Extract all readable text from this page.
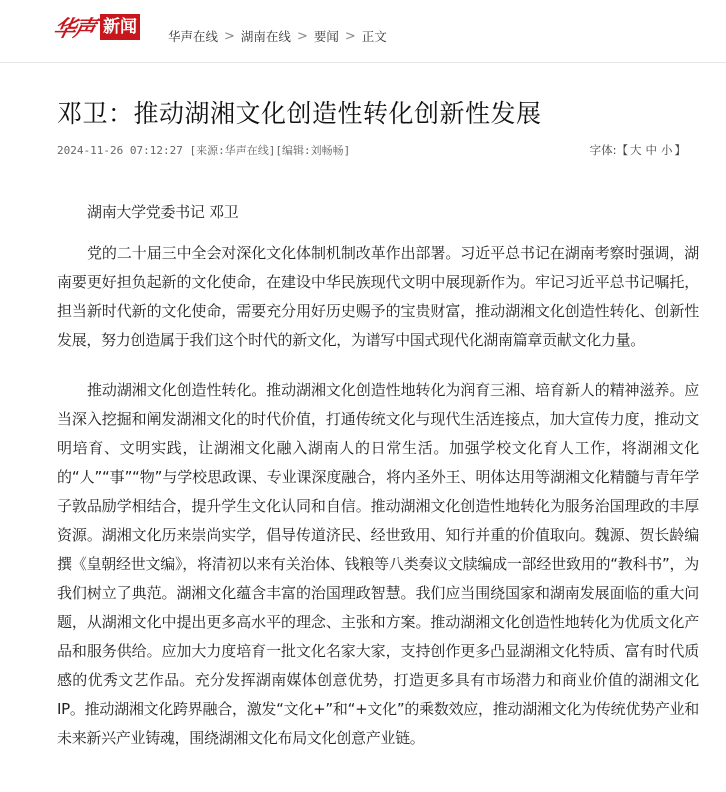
华声 新闻 华声在线 > 湖南在线 > 要闻 > 正文
邓卫：推动湖湘文化创造性转化创新性发展
2024-11-26 07:12:27 [来源:华声在线][编辑:刘畅畅]	字体:【 大 中 小 】

湖南大学党委书记 邓卫

党的二十届三中全会对深化文化体制机制改革作出部署。习近平总书记在湖南考察时强调，湖南要更好担负起新的文化使命，在建设中华民族现代文明中展现新作为。牢记习近平总书记嘱托，担当新时代新的文化使命，需要充分用好历史赐予的宝贵财富，推动湖湘文化创造性转化、创新性发展，努力创造属于我们这个时代的新文化，为谱写中国式现代化湖南篇章贡献文化力量。

推动湖湘文化创造性转化。推动湖湘文化创造性地转化为润育三湘、培育新人的精神滋养。应当深入挖掘和阐发湖湘文化的时代价值，打通传统文化与现代生活连接点，加大宣传力度，推动文明培育、文明实践，让湖湘文化融入湖南人的日常生活。加强学校文化育人工作，将湖湘文化的“人”“事”“物”与学校思政课、专业课深度融合，将内圣外王、明体达用等湖湘文化精髓与青年学子敦品励学相结合，提升学生文化认同和自信。推动湖湘文化创造性地转化为服务治国理政的丰厚资源。湖湘文化历来崇尚实学，倡导传道济民、经世致用、知行并重的价值取向。魏源、贺长龄编撰《皇朝经世文编》，将清初以来有关治体、钱粮等八类奏议文牍编成一部经世致用的“教科书”，为我们树立了典范。湖湘文化蕴含丰富的治国理政智慧。我们应当围绕国家和湖南发展面临的重大问题，从湖湘文化中提出更多高水平的理念、主张和方案。推动湖湘文化创造性地转化为优质文化产品和服务供给。应加大力度培育一批文化名家大家，支持创作更多凸显湖湘文化特质、富有时代质感的优秀文艺作品。充分发挥湖南媒体创意优势，打造更多具有市场潜力和商业价值的湖湘文化IP。推动湖湘文化跨界融合，激发“文化+”和“+文化”的乘数效应，推动湖湘文化为传统优势产业和未来新兴产业铸魂，围绕湖湘文化布局文化创意产业链。
